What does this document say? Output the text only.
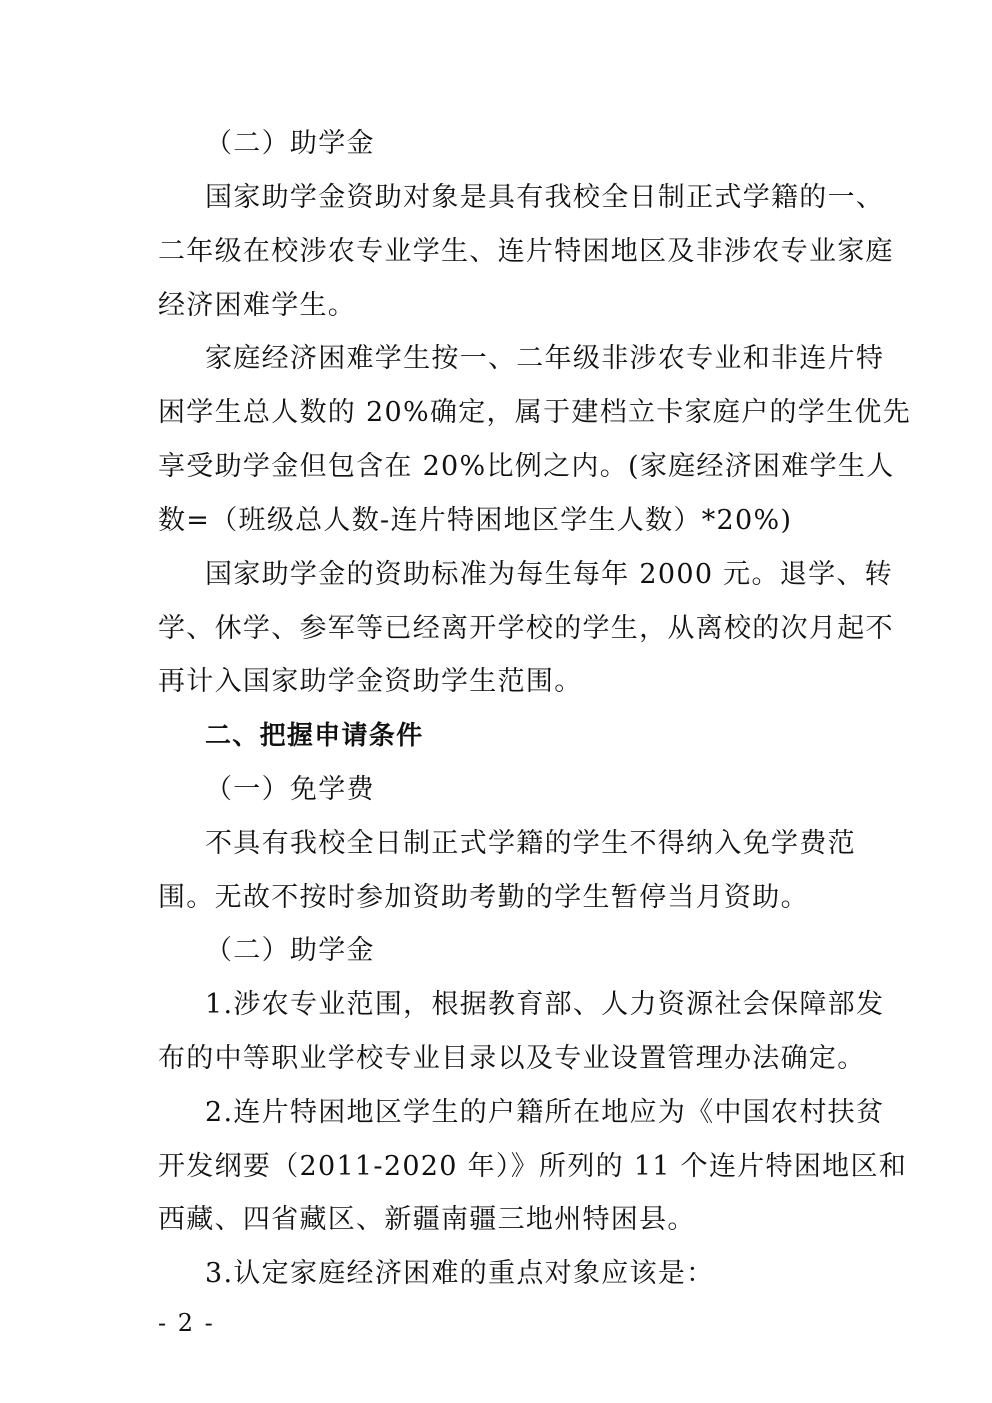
（二）助学金
国家助学金资助对象是具有我校全日制正式学籍的一、
二年级在校涉农专业学生、连片特困地区及非涉农专业家庭
经济困难学生。
家庭经济困难学生按一、二年级非涉农专业和非连片特
困学生总人数的 20%确定，属于建档立卡家庭户的学生优先
享受助学金但包含在 20%比例之内。(家庭经济困难学生人
数=（班级总人数-连片特困地区学生人数）*20%)
国家助学金的资助标准为每生每年 2000 元。退学、转
学、休学、参军等已经离开学校的学生，从离校的次月起不
再计入国家助学金资助学生范围。
二、把握申请条件
（一）免学费
不具有我校全日制正式学籍的学生不得纳入免学费范
围。无故不按时参加资助考勤的学生暂停当月资助。
（二）助学金
1.涉农专业范围，根据教育部、人力资源社会保障部发
布的中等职业学校专业目录以及专业设置管理办法确定。
2.连片特困地区学生的户籍所在地应为《中国农村扶贫
开发纲要（2011-2020 年）》所列的 11 个连片特困地区和
西藏、四省藏区、新疆南疆三地州特困县。
3.认定家庭经济困难的重点对象应该是：
- 2 -
